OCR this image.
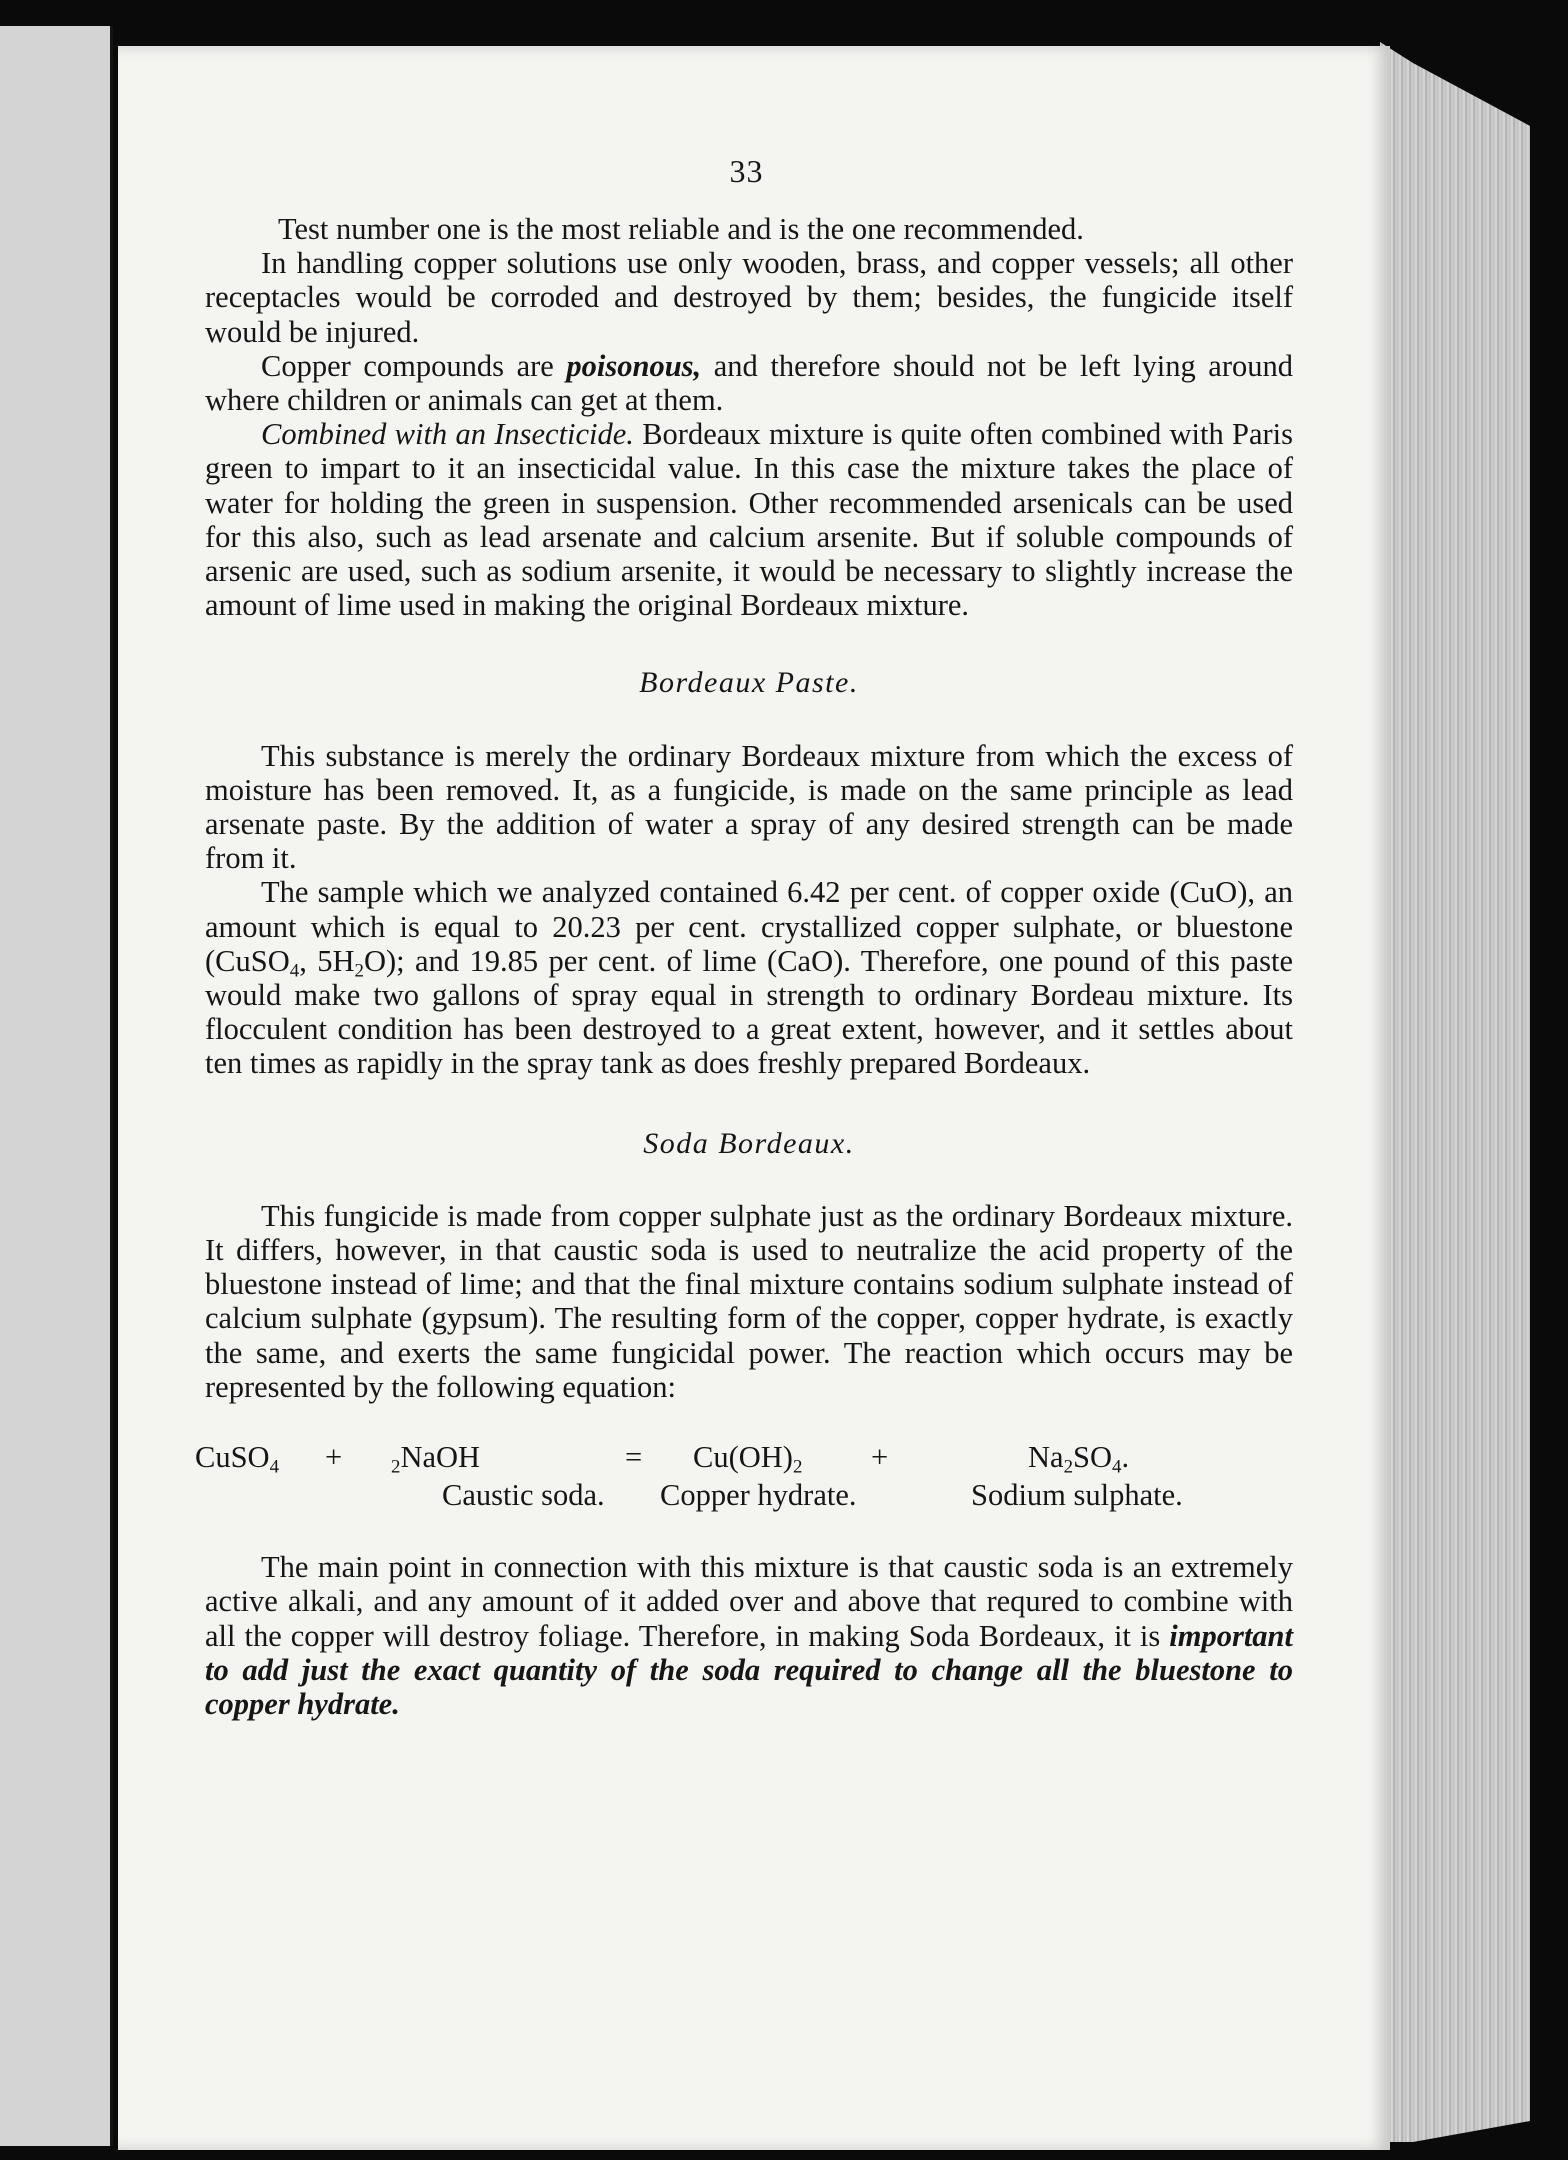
33

Test number one is the most reliable and is the one recommended.

In handling copper solutions use only wooden, brass, and copper vessels; all other receptacles would be corroded and destroyed by them; besides, the fungicide itself would be injured.

Copper compounds are poisonous, and therefore should not be left lying around where children or animals can get at them.

Combined with an Insecticide. Bordeaux mixture is quite often combined with Paris green to impart to it an insecticidal value. In this case the mixture takes the place of water for holding the green in suspension. Other recommended arsenicals can be used for this also, such as lead arsenate and calcium arsenite. But if soluble compounds of arsenic are used, such as sodium arsenite, it would be necessary to slightly increase the amount of lime used in making the original Bordeaux mixture.

Bordeaux Paste.

This substance is merely the ordinary Bordeaux mixture from which the excess of moisture has been removed. It, as a fungicide, is made on the same principle as lead arsenate paste. By the addition of water a spray of any desired strength can be made from it.

The sample which we analyzed contained 6.42 per cent. of copper oxide (CuO), an amount which is equal to 20.23 per cent. crystallized copper sulphate, or bluestone (CuSO$_4$, $5H_2O$); and 19.85 per cent. of lime (CaO). Therefore, one pound of this paste would make two gallons of spray equal in strength to ordinary Bordeau mixture. Its flocculent condition has been destroyed to a great extent, however, and it settles about ten times as rapidly in the spray tank as does freshly prepared Bordeaux.

Soda Bordeaux.

This fungicide is made from copper sulphate just as the ordinary Bordeaux mixture. It differs, however, in that caustic soda is used to neutralize the acid property of the bluestone instead of lime; and that the final mixture contains sodium sulphate instead of calcium sulphate (gypsum). The resulting form of the copper, copper hydrate, is exactly the same, and exerts the same fungicidal power. The reaction which occurs may be represented by the following equation:

CuSO$_4$ +	2NaOH	= $Cu(OH)_2$ +	$Na_2SO_4$.
Caustic soda. Copper hydrate.	Sodium sulphate.

The main point in connection with this mixture is that caustic soda is an extremely active alkali, and any amount of it added over and above that requred to combine with all the copper will destroy foliage. Therefore, in making Soda Bordeaux, it is important to add just the exact quantity of the soda required to change all the bluestone to copper hydrate.
